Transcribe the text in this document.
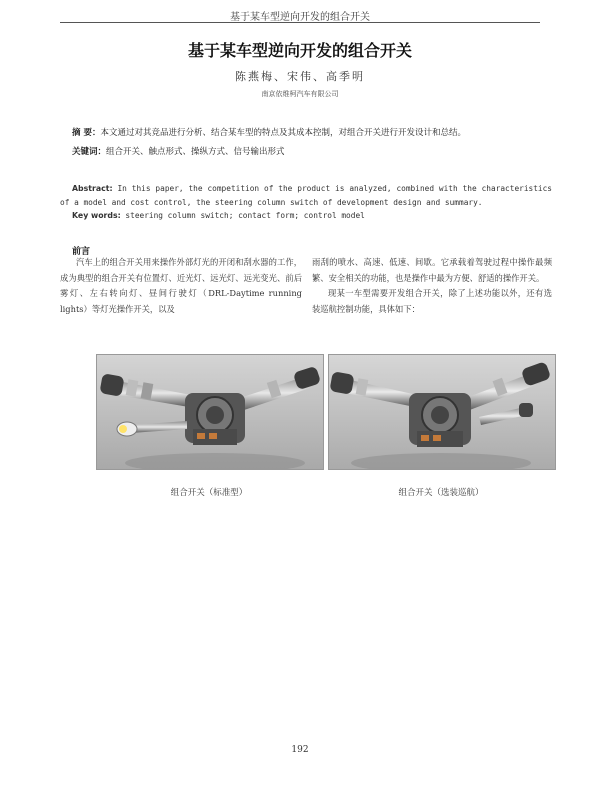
基于某车型逆向开发的组合开关
基于某车型逆向开发的组合开关
陈燕梅、宋伟、高季明
南京依维柯汽车有限公司
摘 要：本文通过对其竞品进行分析、结合某车型的特点及其成本控制，对组合开关进行开发设计和总结。
关键词：组合开关、触点形式、操纵方式、信号输出形式
Abstract: In this paper, the competition of the product is analyzed, combined with the characteristics of a model and cost control, the steering column switch of development design and summary.
Key words: steering column switch; contact form; control model
前言

汽车上的组合开关用来操作外部灯光的开闭和刮水器的工作，成为典型的组合开关有位置灯、近光灯、远光灯、远光变光、前后雾灯、左右转向灯、昼间行驶灯（DRL-Daytime running lights）等灯光操作开关，以及

雨刮的喷水、高速、低速、间歇。它承载着驾驶过程中操作最频繁、安全相关的功能，也是操作中最为方便、舒适的操作开关。

现某一车型需要开发组合开关，除了上述功能以外，还有选装巡航控制功能，具体如下：

组合开关（标准型）	组合开关（选装巡航）
192
